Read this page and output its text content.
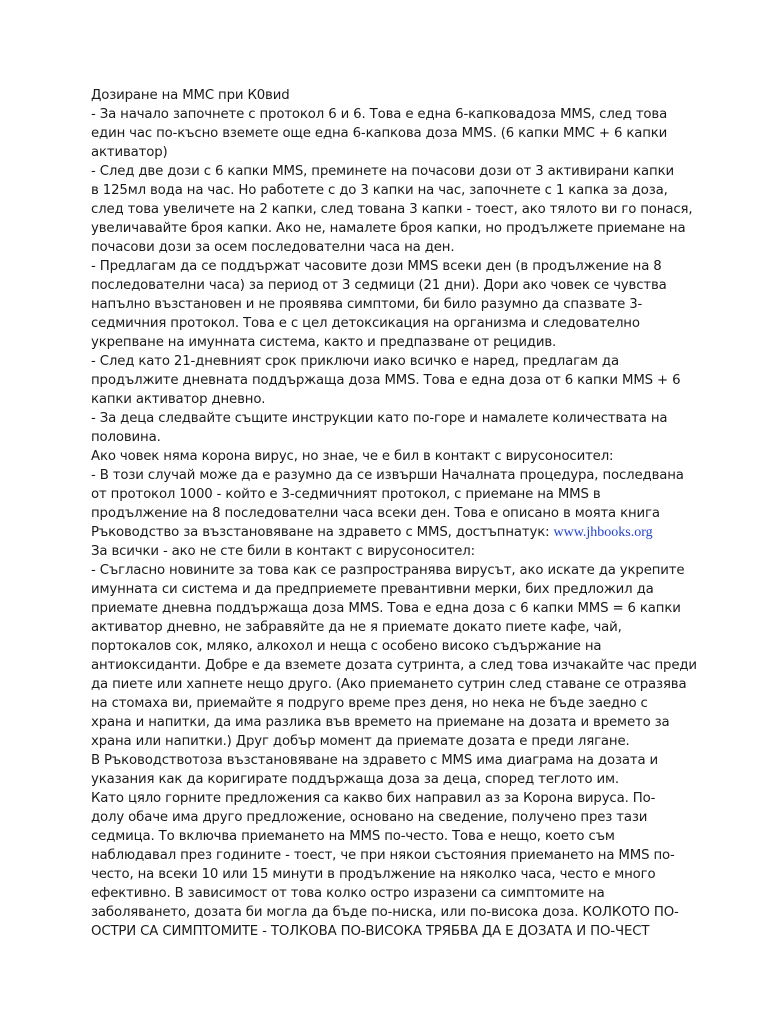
Дозиране на ММС при К0виd
- За начало започнете с протокол 6 и 6. Това е една 6-капковадоза MMS, след това
един час по-късно вземете още една 6-капкова доза MMS. (6 капки ММС + 6 капки
активатор)
- След две дози с 6 капки MMS, преминете на почасови дози от 3 активирани капки
в 125мл вода на час. Но работете с до 3 капки на час, започнете с 1 капка за доза,
след това увеличете на 2 капки, след тована 3 капки - тоест, ако тялото ви го понася,
увеличавайте броя капки. Ако не, намалете броя капки, но продължете приемане на
почасови дози за осем последователни часа на ден.
- Предлагам да се поддържат часовите дози MMS всеки ден (в продължение на 8
последователни часа) за период от 3 седмици (21 дни). Дори ако човек се чувства
напълно възстановен и не проявява симптоми, би било разумно да спазвате 3-
седмичния протокол. Това е с цел детоксикация на организма и следователно
укрепване на имунната система, както и предпазване от рецидив.
- След като 21-дневният срок приключи иако всичко е наред, предлагам да
продължите дневната поддържаща доза MMS. Това е една доза от 6 капки MMS + 6
капки активатор дневно.
- За деца следвайте същите инструкции като по-горе и намалете количествата на
половина.
Ако човек няма корона вирус, но знае, че е бил в контакт с вирусоносител:
- В този случай може да е разумно да се извърши Началната процедура, последвана
от протокол 1000 - който е 3-седмичният протокол, с приемане на MMS в
продължение на 8 последователни часа всеки ден. Това е описано в моята книга
Ръководство за възстановяване на здравето с MMS, достъпнатук: www.jhbooks.org
За всички - ако не сте били в контакт с вирусоносител:
- Съгласно новините за това как се разпространява вирусът, ако искате да укрепите
имунната си система и да предприемете превантивни мерки, бих предложил да
приемате дневна поддържаща доза MMS. Това е една доза с 6 капки MMS = 6 капки
активатор дневно, не забравяйте да не я приемате докато пиете кафе, чай,
портокалов сок, мляко, алкохол и неща с особено високо съдържание на
антиоксиданти. Добре е да вземете дозата сутринта, а след това изчакайте час преди
да пиете или хапнете нещо друго. (Ако приемането сутрин след ставане се отразява
на стомаха ви, приемайте я подруго време през деня, но нека не бъде заедно с
храна и напитки, да има разлика във времето на приемане на дозата и времето за
храна или напитки.) Друг добър момент да приемате дозата е преди лягане.
В Ръководствотоза възстановяване на здравето с MMS има диаграма на дозата и
указания как да коригирате поддържаща доза за деца, според теглото им.
Като цяло горните предложения са какво бих направил аз за Корона вируса. По-
долу обаче има друго предложение, основано на сведение, получено през тази
седмица. То включва приемането на MMS по-често. Това е нещо, което съм
наблюдавал през годините - тоест, че при някои състояния приемането на MMS по-
често, на всеки 10 или 15 минути в продължение на няколко часа, често е много
ефективно. В зависимост от това колко остро изразени са симптомите на
заболяването, дозата би могла да бъде по-ниска, или по-висока доза. КОЛКОТО ПО-
ОСТРИ СА СИМПТОМИТЕ - ТОЛКОВА ПО-ВИСОКА ТРЯБВА ДА Е ДОЗАТА И ПО-ЧЕСТ
